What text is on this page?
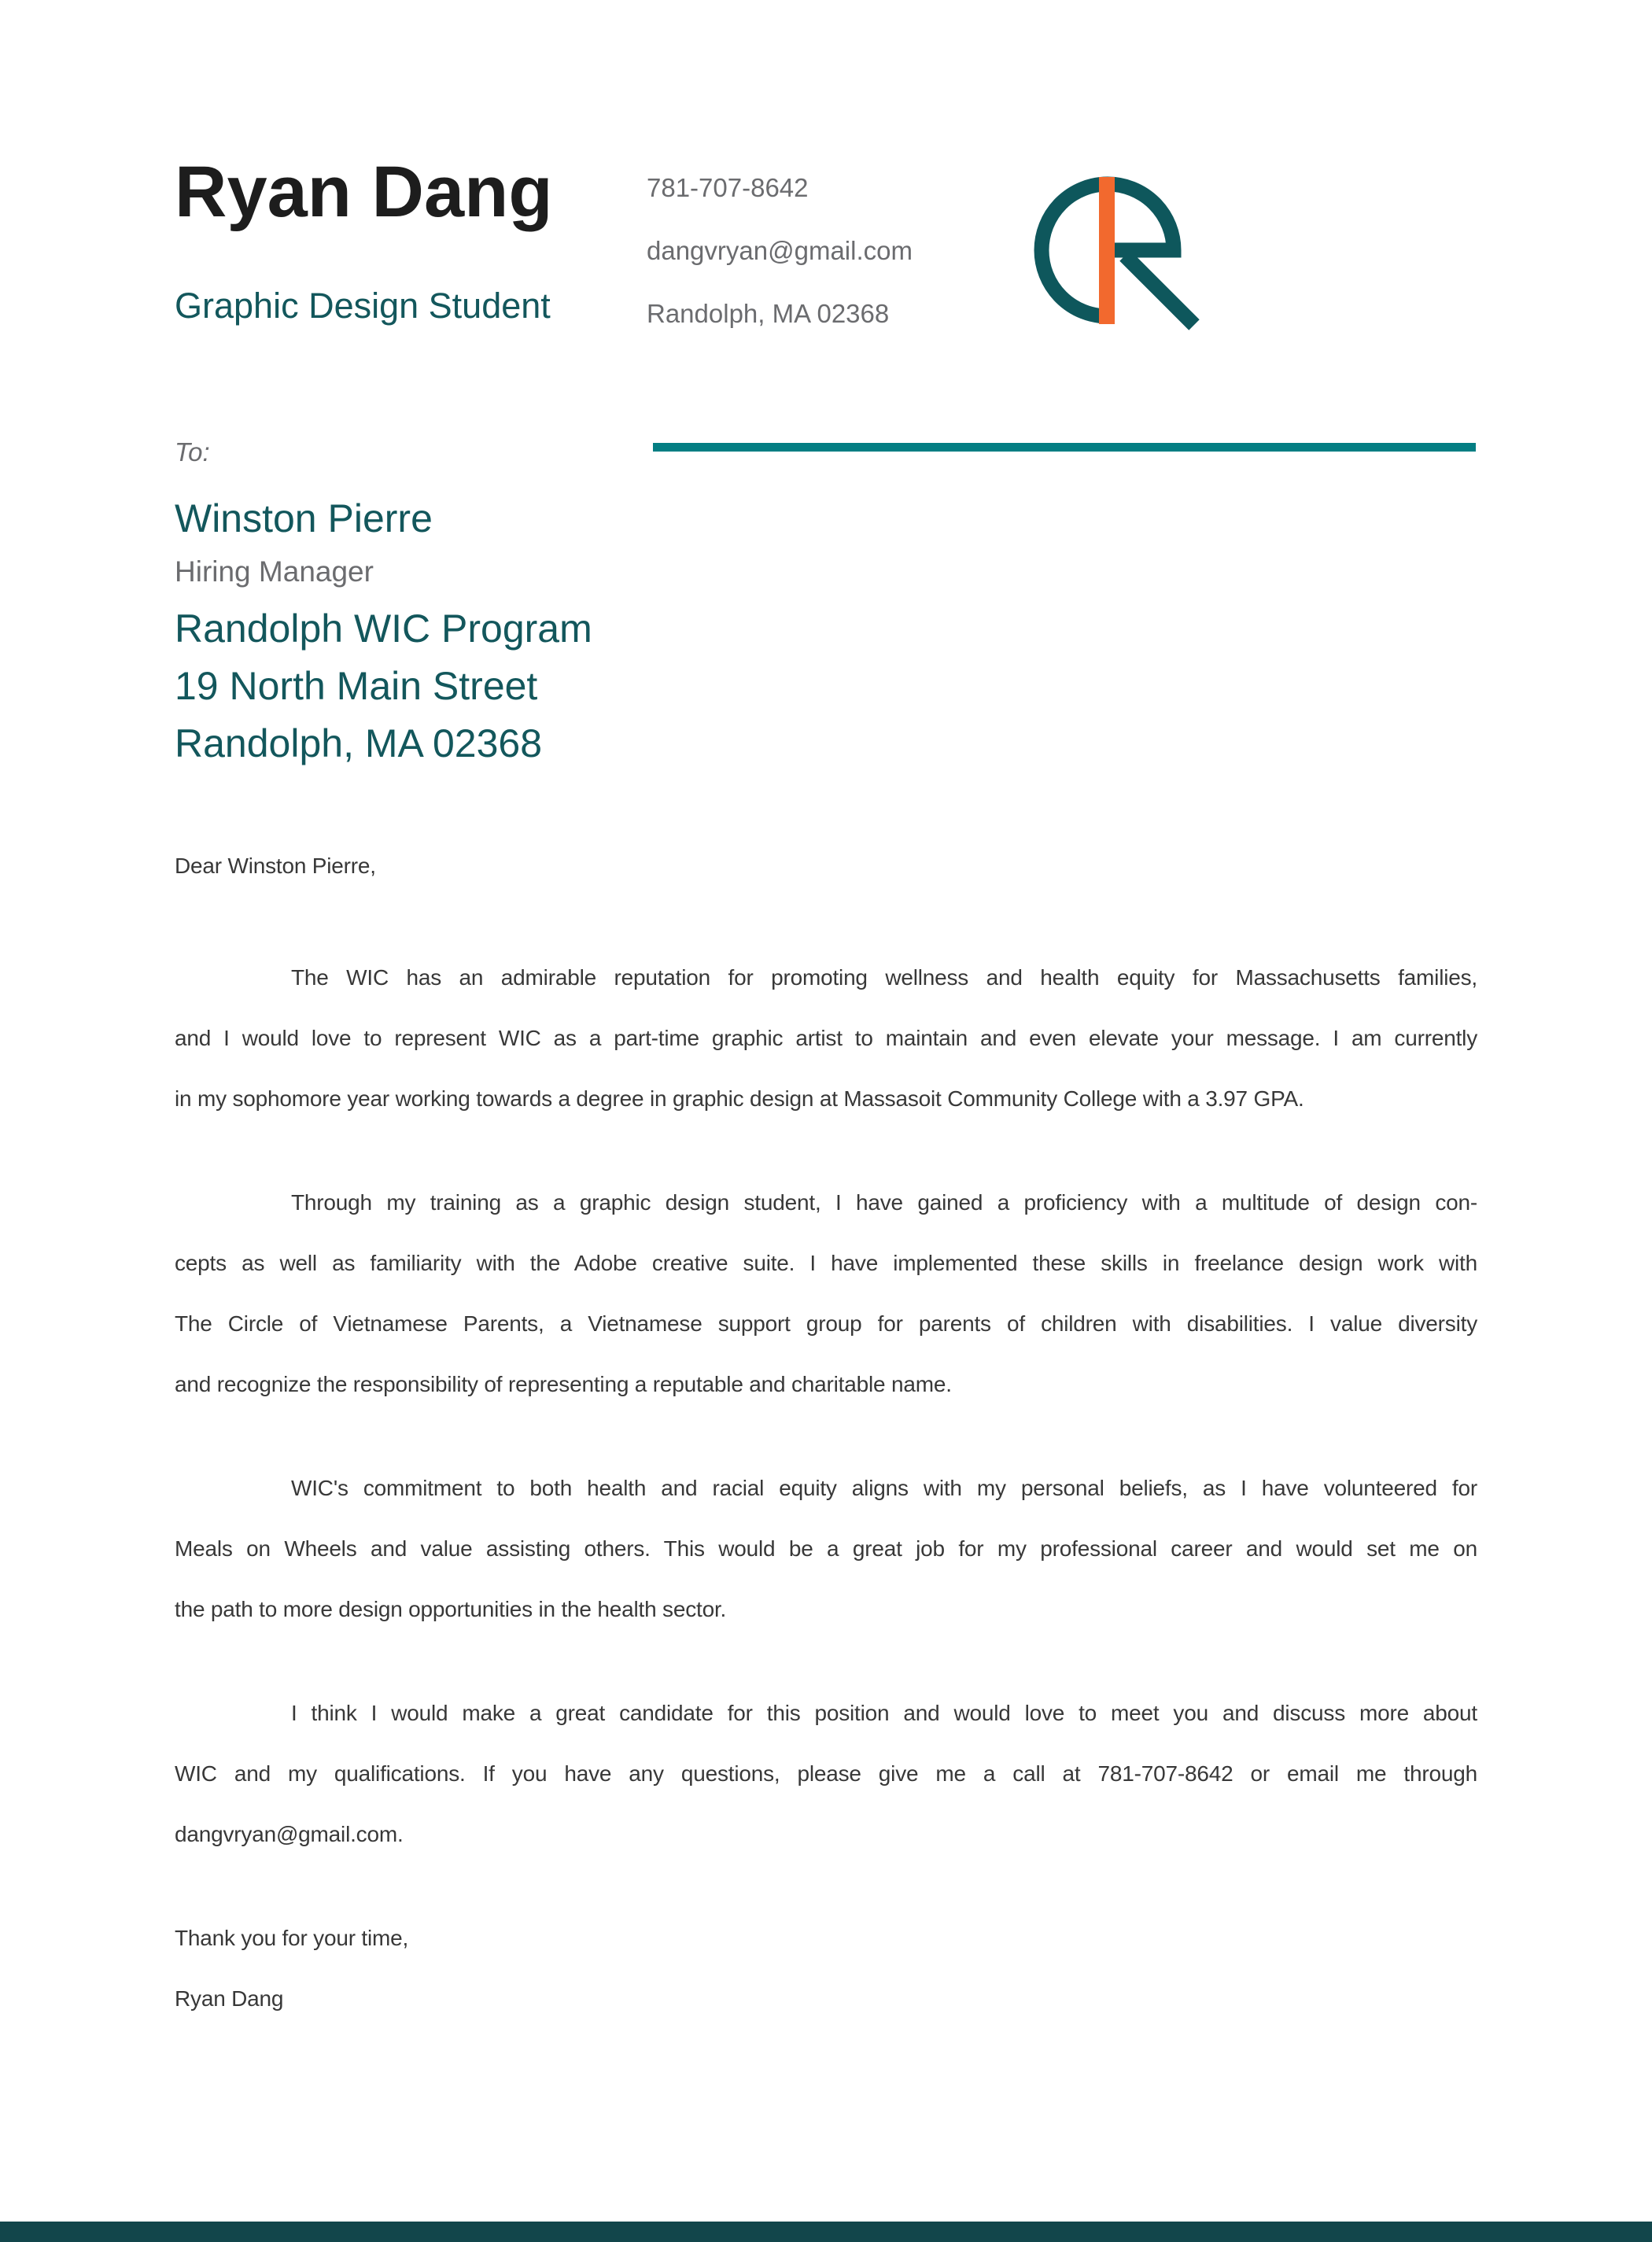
Ryan Dang
Graphic Design Student
781-707-8642
dangvryan@gmail.com
Randolph, MA 02368
To:
Winston Pierre
Hiring Manager
Randolph WIC Program
19 North Main Street
Randolph, MA 02368
Dear Winston Pierre,
The WIC has an admirable reputation for promoting wellness and health equity for Massachusetts families,
and I would love to represent WIC as a part-time graphic artist to maintain and even elevate your message. I am currently
in my sophomore year working towards a degree in graphic design at Massasoit Community College with a 3.97 GPA.
Through my training as a graphic design student, I have gained a proficiency with a multitude of design con-
cepts as well as familiarity with the Adobe creative suite. I have implemented these skills in freelance design work with
The Circle of Vietnamese Parents, a Vietnamese support group for parents of children with disabilities. I value diversity
and recognize the responsibility of representing a reputable and charitable name.
WIC's commitment to both health and racial equity aligns with my personal beliefs, as I have volunteered for
Meals on Wheels and value assisting others. This would be a great job for my professional career and would set me on
the path to more design opportunities in the health sector.
I think I would make a great candidate for this position and would love to meet you and discuss more about
WIC and my qualifications. If you have any questions, please give me a call at 781-707-8642 or email me through
dangvryan@gmail.com.
Thank you for your time,
Ryan Dang
